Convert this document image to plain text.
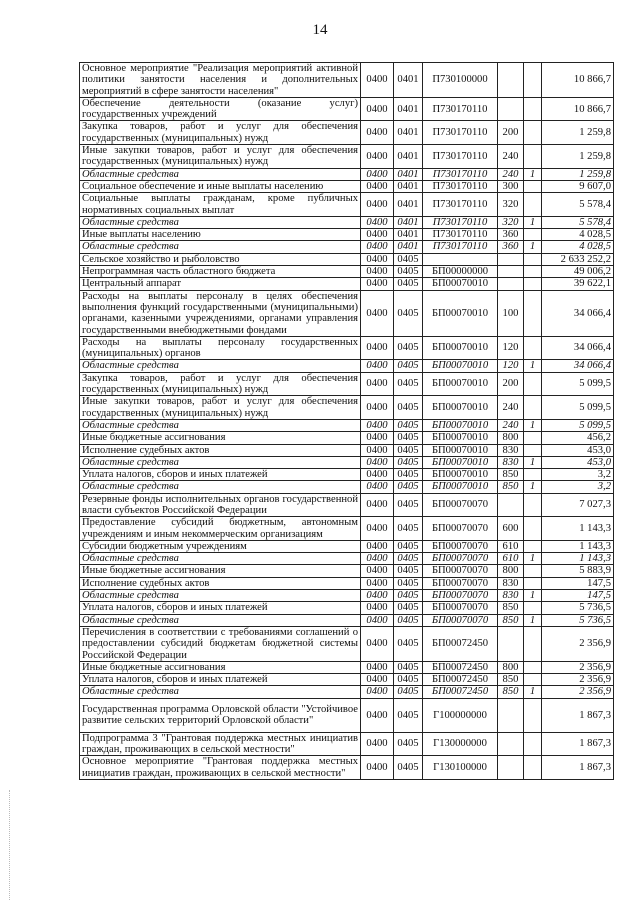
14
Основное мероприятие "Реализация мероприятий активной политики занятости населения и дополнительных мероприятий в сфере занятости населения"	0400	0401	П730100000			10 866,7
Обеспечение деятельности (оказание услуг) государственных учреждений	0400	0401	П730170110			10 866,7
Закупка товаров, работ и услуг для обеспечения государственных (муниципальных) нужд	0400	0401	П730170110	200		1 259,8
Иные закупки товаров, работ и услуг для обеспечения государственных (муниципальных) нужд	0400	0401	П730170110	240		1 259,8
Областные средства	0400	0401	П730170110	240	1	1 259,8
Социальное обеспечение и иные выплаты населению	0400	0401	П730170110	300		9 607,0
Социальные выплаты гражданам, кроме публичных нормативных социальных выплат	0400	0401	П730170110	320		5 578,4
Областные средства	0400	0401	П730170110	320	1	5 578,4
Иные выплаты населению	0400	0401	П730170110	360		4 028,5
Областные средства	0400	0401	П730170110	360	1	4 028,5
Сельское хозяйство и рыболовство	0400	0405				2 633 252,2
Непрограммная часть областного бюджета	0400	0405	БП00000000			49 006,2
Центральный аппарат	0400	0405	БП00070010			39 622,1
Расходы на выплаты персоналу в целях обеспечения выполнения функций государственными (муниципальными) органами, казенными учреждениями, органами управления государственными внебюджетными фондами	0400	0405	БП00070010	100		34 066,4
Расходы на выплаты персоналу государственных (муниципальных) органов	0400	0405	БП00070010	120		34 066,4
Областные средства	0400	0405	БП00070010	120	1	34 066,4
Закупка товаров, работ и услуг для обеспечения государственных (муниципальных) нужд	0400	0405	БП00070010	200		5 099,5
Иные закупки товаров, работ и услуг для обеспечения государственных (муниципальных) нужд	0400	0405	БП00070010	240		5 099,5
Областные средства	0400	0405	БП00070010	240	1	5 099,5
Иные бюджетные ассигнования	0400	0405	БП00070010	800		456,2
Исполнение судебных актов	0400	0405	БП00070010	830		453,0
Областные средства	0400	0405	БП00070010	830	1	453,0
Уплата налогов, сборов и иных платежей	0400	0405	БП00070010	850		3,2
Областные средства	0400	0405	БП00070010	850	1	3,2
Резервные фонды исполнительных органов государственной власти субъектов Российской Федерации	0400	0405	БП00070070			7 027,3
Предоставление субсидий бюджетным, автономным учреждениям и иным некоммерческим организациям	0400	0405	БП00070070	600		1 143,3
Субсидии бюджетным учреждениям	0400	0405	БП00070070	610		1 143,3
Областные средства	0400	0405	БП00070070	610	1	1 143,3
Иные бюджетные ассигнования	0400	0405	БП00070070	800		5 883,9
Исполнение судебных актов	0400	0405	БП00070070	830		147,5
Областные средства	0400	0405	БП00070070	830	1	147,5
Уплата налогов, сборов и иных платежей	0400	0405	БП00070070	850		5 736,5
Областные средства	0400	0405	БП00070070	850	1	5 736,5
Перечисления в соответствии с требованиями соглашений о предоставлении субсидий бюджетам бюджетной системы Российской Федерации	0400	0405	БП00072450			2 356,9
Иные бюджетные ассигнования	0400	0405	БП00072450	800		2 356,9
Уплата налогов, сборов и иных платежей	0400	0405	БП00072450	850		2 356,9
Областные средства	0400	0405	БП00072450	850	1	2 356,9
Государственная программа Орловской области "Устойчивое развитие сельских территорий Орловской области"	0400	0405	Г100000000			1 867,3
Подпрограмма 3 "Грантовая поддержка местных инициатив граждан, проживающих в сельской местности"	0400	0405	Г130000000			1 867,3
Основное мероприятие "Грантовая поддержка местных инициатив граждан, проживающих в сельской местности"	0400	0405	Г130100000			1 867,3
